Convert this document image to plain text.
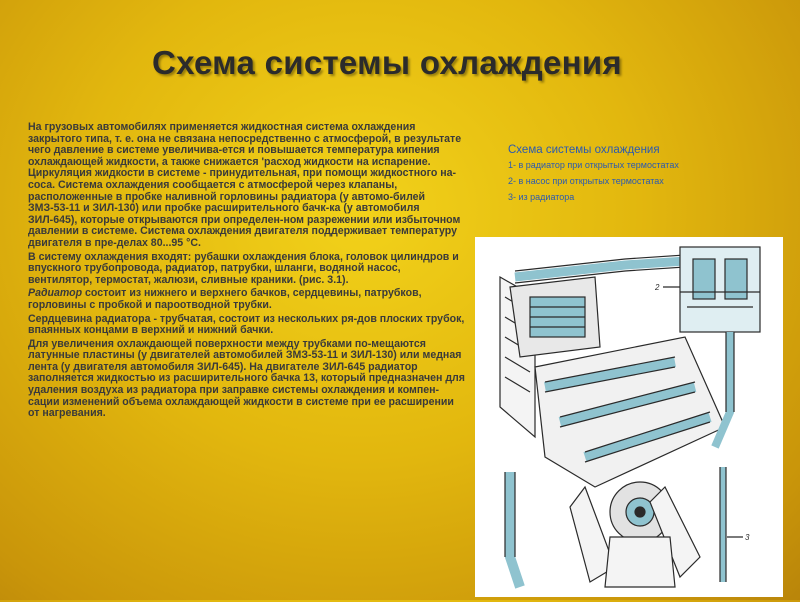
Схема системы охлаждения

На грузовых автомобилях применяется жидкостная система охлаждения закрытого типа, т. е. она не связана непосредственно с атмосферой, в результате чего давление в системе увеличива-ется и повышается температура кипения охлаждающей жидкости, а также снижается 'расход жидкости на испарение. Циркуляция жидкости в системе - принудительная, при помощи жидкостного на-соса. Система охлаждения сообщается с атмосферой через клапаны, расположенные в пробке наливной горловины радиатора (у автомо-билей ЗМЗ-53-11 и ЗИЛ-130) или пробке расширительного бачк-ка (у автомобиля ЗИЛ-645), которые открываются при определен-ном разрежении или избыточном давлении в системе. Система охлаждения двигателя поддерживает температуру двигателя в пре-делах 80...95 °С.

В систему охлаждения входят: рубашки охлаждения блока, головок цилиндров и впускного трубопровода, радиатор, патрубки, шланги, водяной насос, вентилятор, термостат, жалюзи, сливные краники. (рис. 3.1).

Радиатор состоит из нижнего и верхнего бачков, сердцевины, патрубков, горловины с пробкой и пароотводной трубки.

Сердцевина радиатора - трубчатая, состоит из нескольких ря-дов плоских трубок, впаянных концами в верхний и нижний бачки.

Для увеличения охлаждающей поверхности между трубками по-мещаются латунные пластины (у двигателей автомобилей ЗМЗ-53-11 и ЗИЛ-130) или медная лента (у двигателя автомобиля ЗИЛ-645). На двигателе ЗИЛ-645 радиатор заполняется жидкостью из расширительного бачка 13, который предназначен для удаления воздуха из радиатора при заправке системы охлаждения и компен-сации изменений объема охлаждающей жидкости в системе при ее расширении от нагревания.

Схема системы охлаждения
1- в радиатор при открытых термостатах
2- в насос при открытых термостатах
3- из радиатора
2
3
